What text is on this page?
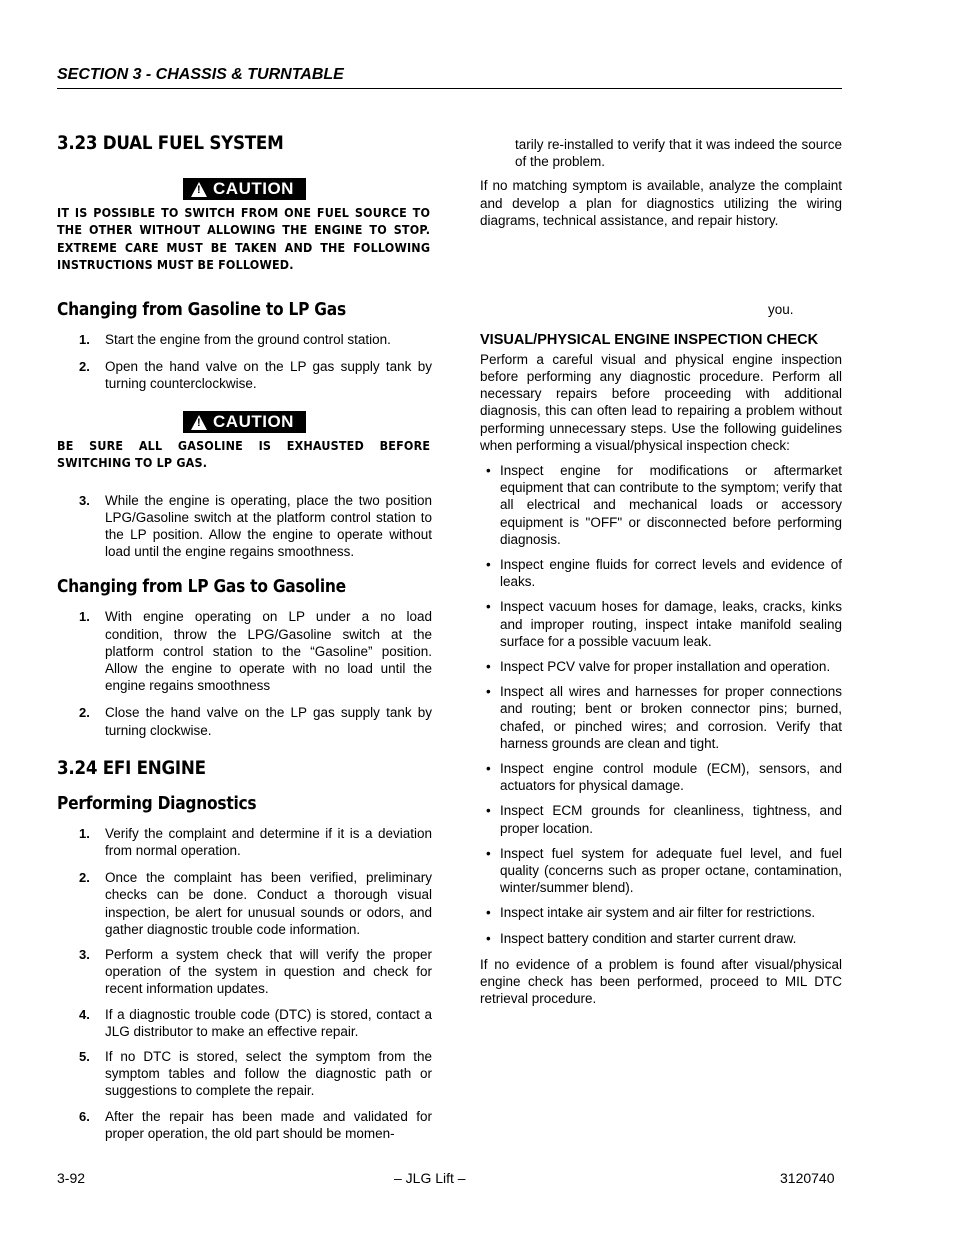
SECTION 3 - CHASSIS & TURNTABLE
3.23 DUAL FUEL SYSTEM
!
CAUTION

IT IS POSSIBLE TO SWITCH FROM ONE FUEL SOURCE TO THE OTHER WITHOUT ALLOWING THE ENGINE TO STOP. EXTREME CARE MUST BE TAKEN AND THE FOLLOWING INSTRUCTIONS MUST BE FOLLOWED.

Changing from Gasoline to LP Gas
1. Start the engine from the ground control station.
2. Open the hand valve on the LP gas supply tank by turning counterclockwise.
!
CAUTION

BE SURE ALL GASOLINE IS EXHAUSTED BEFORE SWITCHING TO LP GAS.

3. While the engine is operating, place the two position LPG/Gasoline switch at the platform control station to the LP position. Allow the engine to operate without load until the engine regains smoothness.
Changing from LP Gas to Gasoline
1. With engine operating on LP under a no load condition, throw the LPG/Gasoline switch at the platform control station to the “Gasoline” position. Allow the engine to operate with no load until the engine regains smoothness
2. Close the hand valve on the LP gas supply tank by turning clockwise.
3.24 EFI ENGINE
Performing Diagnostics
1. Verify the complaint and determine if it is a deviation from normal operation.
2. Once the complaint has been verified, preliminary checks can be done. Conduct a thorough visual inspection, be alert for unusual sounds or odors, and gather diagnostic trouble code information.
3. Perform a system check that will verify the proper operation of the system in question and check for recent information updates.
4. If a diagnostic trouble code (DTC) is stored, contact a JLG distributor to make an effective repair.
5. If no DTC is stored, select the symptom from the symptom tables and follow the diagnostic path or suggestions to complete the repair.
6. After the repair has been made and validated for proper operation, the old part should be momen-

tarily re-installed to verify that it was indeed the source of the problem.

If no matching symptom is available, analyze the complaint and develop a plan for diagnostics utilizing the wiring diagrams, technical assistance, and repair history.

you.

VISUAL/PHYSICAL ENGINE INSPECTION CHECK

Perform a careful visual and physical engine inspection before performing any diagnostic procedure. Perform all necessary repairs before proceeding with additional diagnosis, this can often lead to repairing a problem without performing unnecessary steps. Use the following guidelines when performing a visual/physical inspection check:

• Inspect engine for modifications or aftermarket equipment that can contribute to the symptom; verify that all electrical and mechanical loads or accessory equipment is "OFF" or disconnected before performing diagnosis.
• Inspect engine fluids for correct levels and evidence of leaks.
• Inspect vacuum hoses for damage, leaks, cracks, kinks and improper routing, inspect intake manifold sealing surface for a possible vacuum leak.
• Inspect PCV valve for proper installation and operation.
• Inspect all wires and harnesses for proper connections and routing; bent or broken connector pins; burned, chafed, or pinched wires; and corrosion. Verify that harness grounds are clean and tight.
• Inspect engine control module (ECM), sensors, and actuators for physical damage.
• Inspect ECM grounds for cleanliness, tightness, and proper location.
• Inspect fuel system for adequate fuel level, and fuel quality (concerns such as proper octane, contamination, winter/summer blend).
• Inspect intake air system and air filter for restrictions.
• Inspect battery condition and starter current draw.

If no evidence of a problem is found after visual/physical engine check has been performed, proceed to MIL DTC retrieval procedure.

3-92	– JLG Lift –	3120740
